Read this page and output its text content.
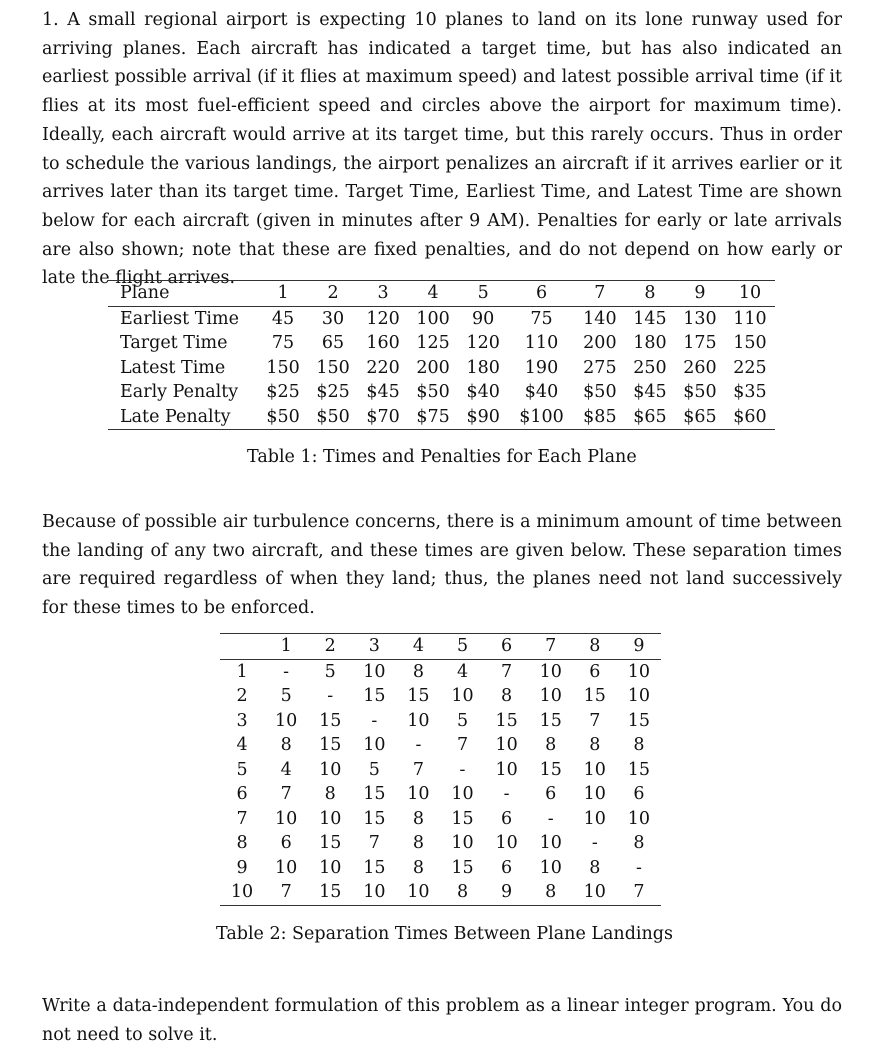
1. A small regional airport is expecting 10 planes to land on its lone runway used for arriving planes. Each aircraft has indicated a target time, but has also indicated an earliest possible arrival (if it flies at maximum speed) and latest possible arrival time (if it flies at its most fuel-efficient speed and circles above the airport for maximum time). Ideally, each aircraft would arrive at its target time, but this rarely occurs. Thus in order to schedule the various landings, the airport penalizes an aircraft if it arrives earlier or it arrives later than its target time. Target Time, Earliest Time, and Latest Time are shown below for each aircraft (given in minutes after 9 AM). Penalties for early or late arrivals are also shown; note that these are fixed penalties, and do not depend on how early or late the flight arrives.

Plane	1	2	3	4	5	6	7	8	9	10
Earliest Time	45	30	120	100	90	75	140	145	130	110
Target Time	75	65	160	125	120	110	200	180	175	150
Latest Time	150	150	220	200	180	190	275	250	260	225
Early Penalty	$25	$25	$45	$50	$40	$40	$50	$45	$50	$35
Late Penalty	$50	$50	$70	$75	$90	$100	$85	$65	$65	$60

Table 1: Times and Penalties for Each Plane

Because of possible air turbulence concerns, there is a minimum amount of time between the landing of any two aircraft, and these times are given below. These separation times are required regardless of when they land; thus, the planes need not land successively for these times to be enforced.

	1	2	3	4	5	6	7	8	9
1	-	5	10	8	4	7	10	6	10
2	5	-	15	15	10	8	10	15	10
3	10	15	-	10	5	15	15	7	15
4	8	15	10	-	7	10	8	8	8
5	4	10	5	7	-	10	15	10	15
6	7	8	15	10	10	-	6	10	6
7	10	10	15	8	15	6	-	10	10
8	6	15	7	8	10	10	10	-	8
9	10	10	15	8	15	6	10	8	-
10	7	15	10	10	8	9	8	10	7

Table 2: Separation Times Between Plane Landings

Write a data-independent formulation of this problem as a linear integer program. You do not need to solve it.
